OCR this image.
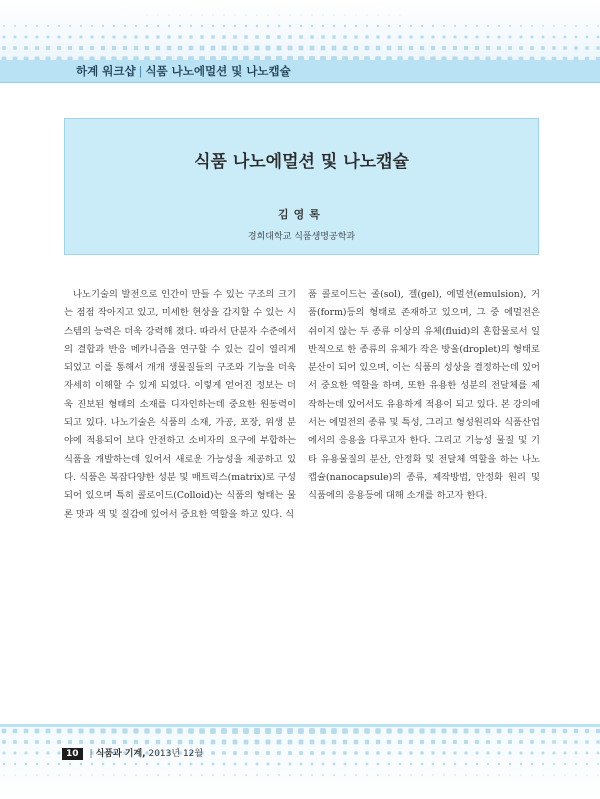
하계 워크샵 | 식품 나노에멀션 및 나노캡슐
식품 나노에멀션 및 나노캡슐
김영록
경희대학교 식품생명공학과

나노기술의 발전으로 인간이 만들 수 있는 구조의 크기는 점점 작아지고 있고, 미세한 현상을 감지할 수 있는 시스템의 능력은 더욱 강력해 졌다. 따라서 단분자 수준에서의 결합과 반응 메카니즘을 연구할 수 있는 길이 열리게 되었고 이를 통해서 개개 생물질들의 구조와 기능을 더욱 자세히 이해할 수 있게 되었다. 이렇게 얻어진 정보는 더욱 진보된 형태의 소재를 디자인하는데 중요한 원동력이 되고 있다. 나노기술은 식품의 소재, 가공, 포장, 위생 분야에 적용되어 보다 안전하고 소비자의 요구에 부합하는 식품을 개발하는데 있어서 새로운 가능성을 제공하고 있다. 식품은 복잡다양한 성분 및 매트릭스(matrix)로 구성되어 있으며 특히 콜로이드(Colloid)는 식품의 형태는 물론 맛과 색 및 질감에 있어서 중요한 역할을 하고 있다. 식

품 콜로이드는 졸(sol), 겔(gel), 에멀션(emulsion), 거품(form)등의 형태로 존재하고 있으며, 그 중 에멀전은 쉬이지 않는 두 종류 이상의 유체(fluid)의 혼합물로서 일반적으로 한 종류의 유체가 작은 방울(droplet)의 형태로 분산이 되어 있으며, 이는 식품의 성상을 결정하는데 있어서 중요한 역할을 하며, 또한 유용한 성분의 전달체를 제작하는데 있어서도 유용하게 적용이 되고 있다. 본 강의에서는 에멀전의 종류 및 특성, 그리고 형성원리와 식품산업에서의 응용을 다루고자 한다. 그리고 기능성 물질 및 기타 유용물질의 분산, 안정화 및 전달체 역할을 하는 나노캡슐(nanocapsule)의 종류, 제작방법, 안정화 원리 및 식품에의 응용등에 대해 소개를 하고자 한다.

10 | 식품과 기계, 2013년 12월
